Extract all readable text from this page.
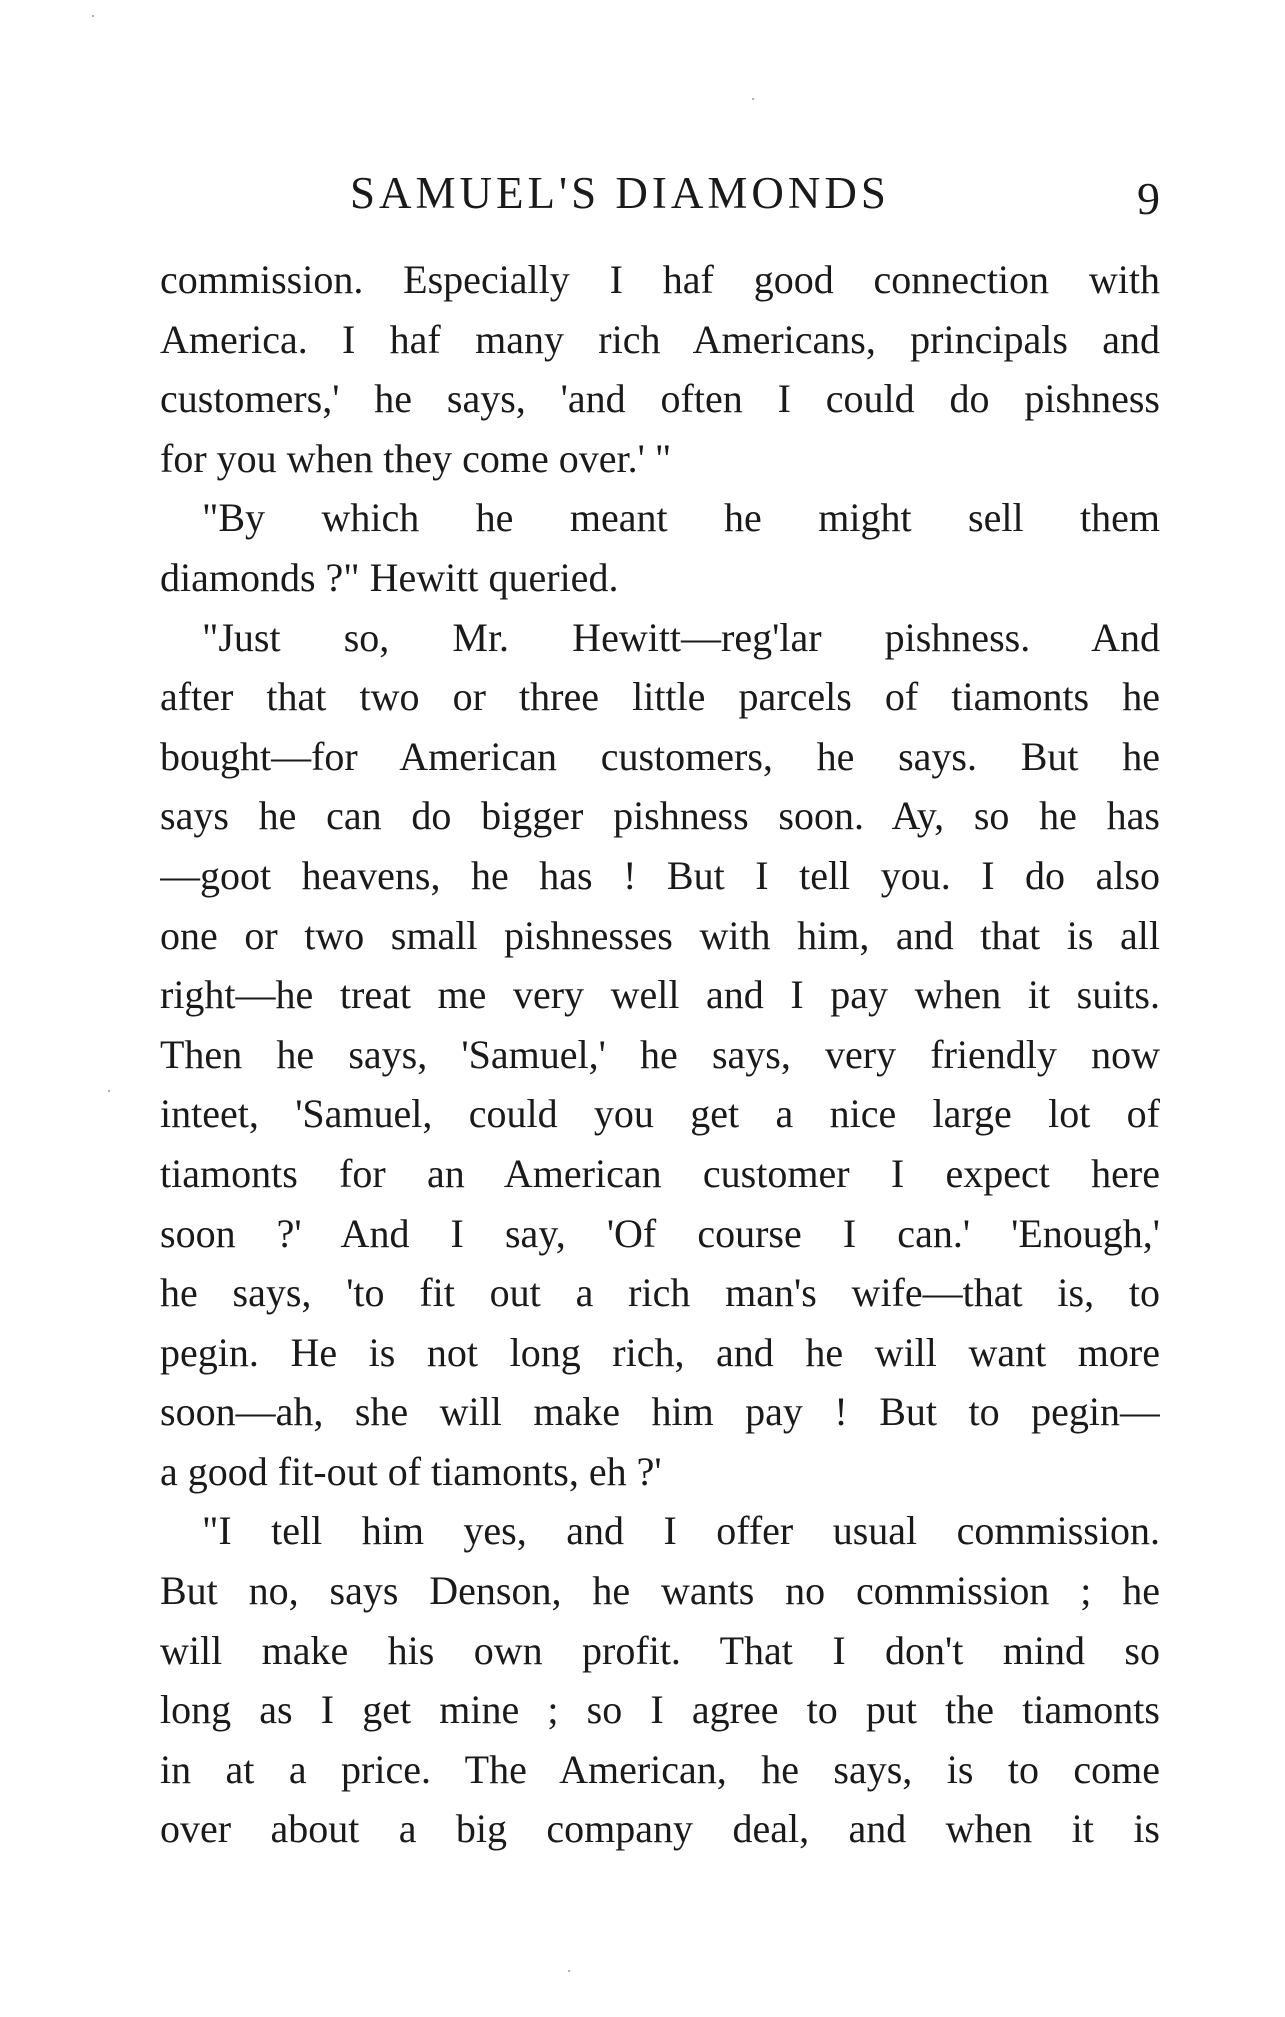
SAMUEL'S DIAMONDS	9
commission. Especially I haf good connection with
America. I haf many rich Americans, principals and
customers,' he says, 'and often I could do pishness
for you when they come over.' "
"By which he meant he might sell them
diamonds ?" Hewitt queried.
"Just so, Mr. Hewitt—reg'lar pishness. And
after that two or three little parcels of tiamonts he
bought—for American customers, he says. But he
says he can do bigger pishness soon. Ay, so he has
—goot heavens, he has ! But I tell you. I do also
one or two small pishnesses with him, and that is all
right—he treat me very well and I pay when it suits.
Then he says, 'Samuel,' he says, very friendly now
inteet, 'Samuel, could you get a nice large lot of
tiamonts for an American customer I expect here
soon ?' And I say, 'Of course I can.' 'Enough,'
he says, 'to fit out a rich man's wife—that is, to
pegin. He is not long rich, and he will want more
soon—ah, she will make him pay ! But to pegin—
a good fit-out of tiamonts, eh ?'
"I tell him yes, and I offer usual commission.
But no, says Denson, he wants no commission ; he
will make his own profit. That I don't mind so
long as I get mine ; so I agree to put the tiamonts
in at a price. The American, he says, is to come
over about a big company deal, and when it is
